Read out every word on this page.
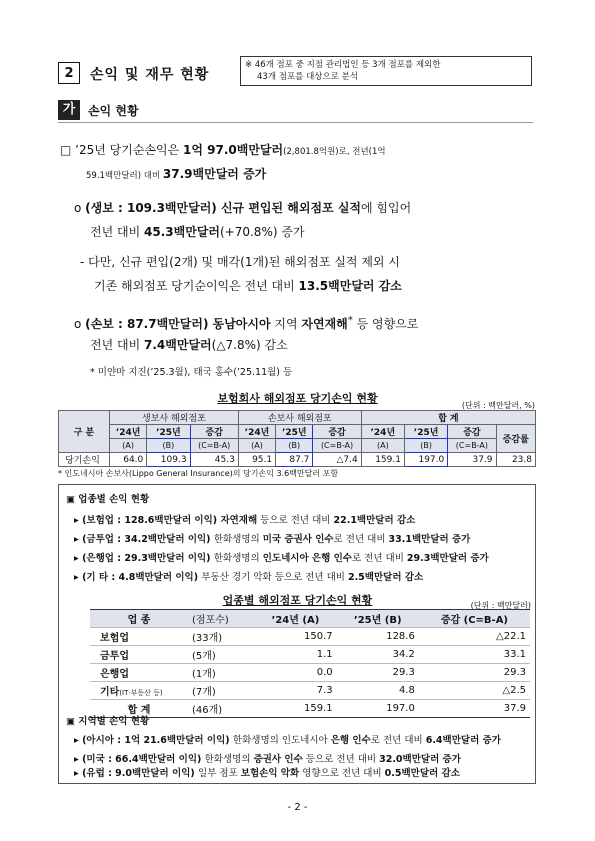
2	손익 및 재무 현황
※ 46개 점포 중 지점 관리법인 등 3개 점포를 제외한
43개 점포를 대상으로 분석
가	손익 현황
□ ’25년 당기순손익은 1억 97.0백만달러(2,801.8억원)로, 전년(1억
59.1백만달러) 대비 37.9백만달러 증가
ο (생보 : 109.3백만달러) 신규 편입된 해외점포 실적에 힘입어
전년 대비 45.3백만달러(+70.8%) 증가
- 다만, 신규 편입(2개) 및 매각(1개)된 해외점포 실적 제외 시
기존 해외점포 당기순이익은 전년 대비 13.5백만달러 감소
ο (손보 : 87.7백만달러) 동남아시아 지역 자연재해* 등 영향으로
전년 대비 7.4백만달러(△7.8%) 감소
* 미얀마 지진(’25.3월), 태국 홍수(’25.11월) 등
보험회사 해외점포 당기손익 현황
(단위 : 백만달러, %)
구 분	생보사 해외점포			손보사 해외점포			합 계			
	’24년	’25년	증감	’24년	’25년	증감	’24년	’25년	증감	증감률
	(A)	(B)	(C=B-A)	(A)	(B)	(C=B-A)	(A)	(B)	(C=B-A)	
당기손익	64.0	109.3	45.3	95.1	87.7	△7.4	159.1	197.0	37.9	23.8
* 인도네시아 손보사(Lippo General Insurance)의 당기손익 3.6백만달러 포함
▣ 업종별 손익 현황
▸ (보험업 : 128.6백만달러 이익) 자연재해 등으로 전년 대비 22.1백만달러 감소
▸ (금투업 : 34.2백만달러 이익) 한화생명의 미국 증권사 인수로 전년 대비 33.1백만달러 증가
▸ (은행업 : 29.3백만달러 이익) 한화생명의 인도네시아 은행 인수로 전년 대비 29.3백만달러 증가
▸ (기 타 : 4.8백만달러 이익) 부동산 경기 악화 등으로 전년 대비 2.5백만달러 감소
업종별 해외점포 당기손익 현황	(단위 : 백만달러)
업 종	(점포수)	’24년 (A)	’25년 (B)	증감 (C=B-A)
보험업	(33개)	150.7	128.6	△22.1
금투업	(5개)	1.1	34.2	33.1
은행업	(1개)	0.0	29.3	29.3
기타(IT·부동산 등)	(7개)	7.3	4.8	△2.5
합 계	(46개)	159.1	197.0	37.9
▣ 지역별 손익 현황
▸ (아시아 : 1억 21.6백만달러 이익) 한화생명의 인도네시아 은행 인수로 전년 대비 6.4백만달러 증가
▸ (미국 : 66.4백만달러 이익) 한화생명의 증권사 인수 등으로 전년 대비 32.0백만달러 증가
▸ (유럽 : 9.0백만달러 이익) 일부 점포 보험손익 악화 영향으로 전년 대비 0.5백만달러 감소
- 2 -
